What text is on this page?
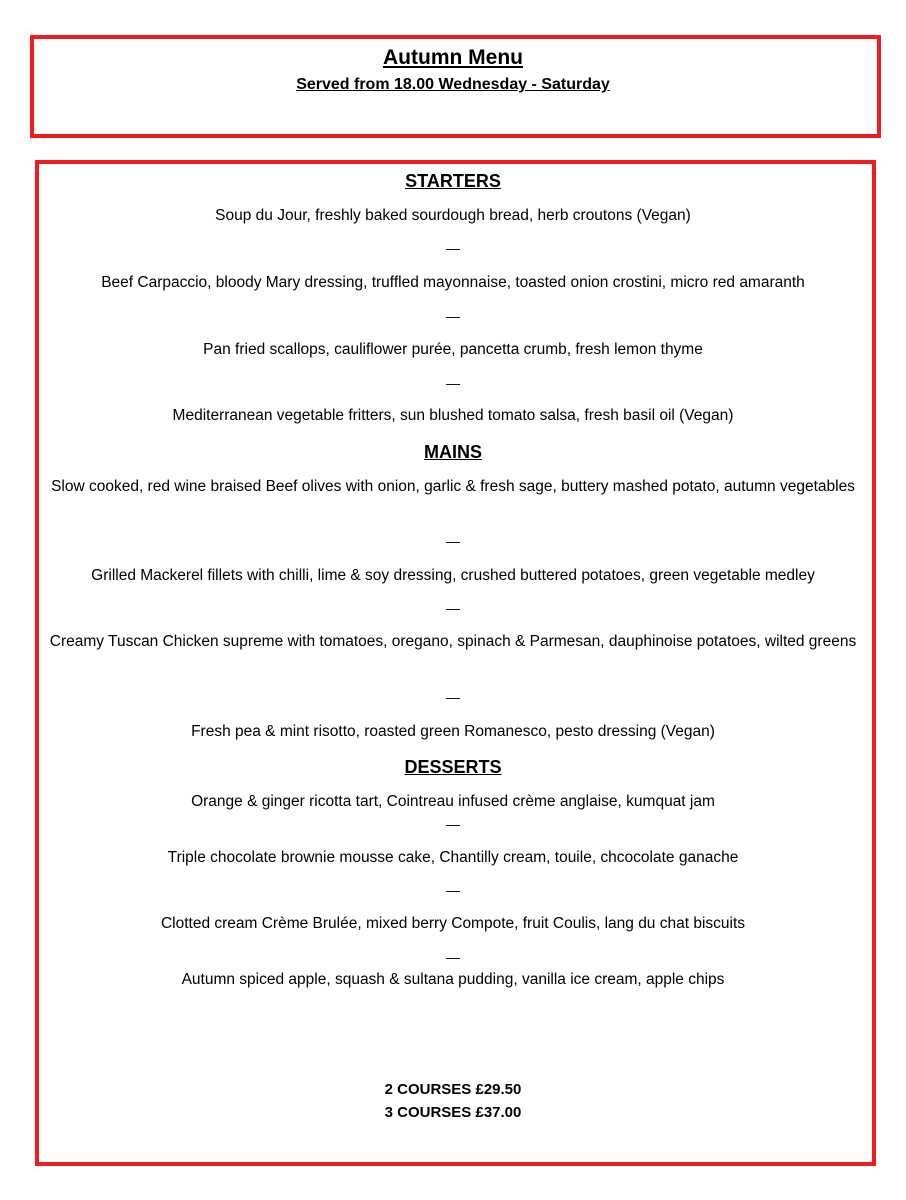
Autumn Menu
Served from 18.00 Wednesday - Saturday
STARTERS
Soup du Jour, freshly baked sourdough bread, herb croutons (Vegan)
—
Beef Carpaccio, bloody Mary dressing, truffled mayonnaise, toasted onion crostini, micro red amaranth
—
Pan fried scallops, cauliflower purée, pancetta crumb, fresh lemon thyme
—
Mediterranean vegetable fritters, sun blushed tomato salsa, fresh basil oil (Vegan)
MAINS
Slow cooked, red wine braised Beef olives with onion, garlic & fresh sage, buttery mashed potato, autumn vegetables
—
Grilled Mackerel fillets with chilli, lime & soy dressing, crushed buttered potatoes, green vegetable medley
—
Creamy Tuscan Chicken supreme with tomatoes, oregano, spinach & Parmesan, dauphinoise potatoes, wilted greens
—
Fresh pea & mint risotto, roasted green Romanesco, pesto dressing (Vegan)
DESSERTS
Orange & ginger ricotta tart, Cointreau infused crème anglaise, kumquat jam
—
Triple chocolate brownie mousse cake, Chantilly cream, touile, chcocolate ganache
—
Clotted cream Crème Brulée, mixed berry Compote, fruit Coulis, lang du chat biscuits
—
Autumn spiced apple, squash & sultana pudding, vanilla ice cream, apple chips
2 COURSES £29.50
3 COURSES £37.00
